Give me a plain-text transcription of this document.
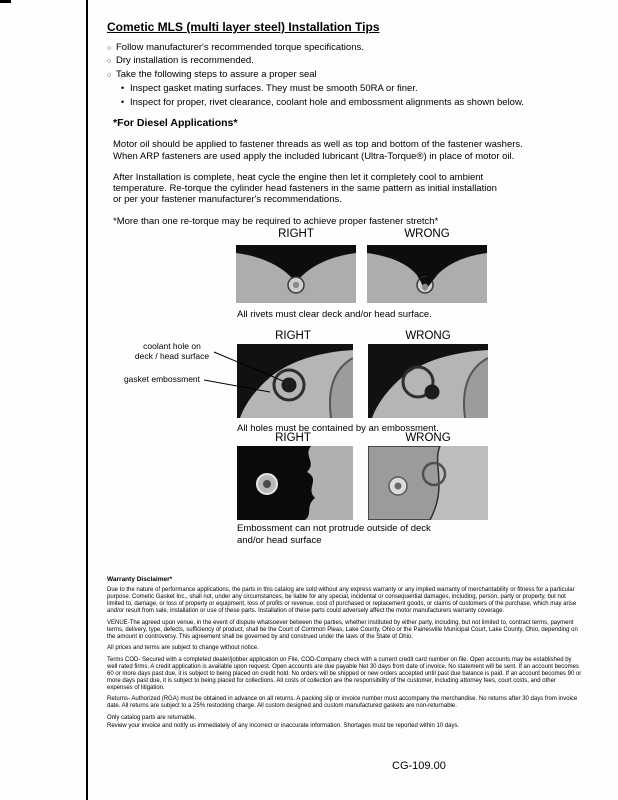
Cometic MLS (multi layer steel) Installation Tips
○ Follow manufacturer's recommended torque specifications.
○ Dry installation is recommended.
○ Take the following steps to assure a proper seal
• Inspect gasket mating surfaces. They must be smooth 50RA or finer.
• Inspect for proper, rivet clearance, coolant hole and embossment alignments as shown below.
*For Diesel Applications*
Motor oil should be applied to fastener threads as well as top and bottom of the fastener washers.
When ARP fasteners are used apply the included lubricant (Ultra-Torque®) in place of motor oil.
After Installation is complete, heat cycle the engine then let it completely cool to ambient
temperature. Re-torque the cylinder head fasteners in the same pattern as initial installation
or per your fastener manufacturer's recommendations.
*More than one re-torque may be required to achieve proper fastener stretch*
RIGHT	WRONG
All rivets must clear deck and/or head surface.
RIGHT	WRONG
coolant hole on
deck / head surface
gasket embossment
All holes must be contained by an embossment.
RIGHT	WRONG
Embossment can not protrude outside of deck
and/or head surface
Warranty Disclaimer*
Due to the nature of performance applications, the parts in this catalog are sold without any express warranty or any implied warranty of merchantability or fitness for a particular purpose. Cometic Gasket Inc., shall not, under any circumstances, be liable for any special, incidental or consequential damages, including, person, party or property, but not limited to, damage, or loss of property or equipment, loss of profits or revenue, cost of purchased or replacement goods, or claims of customers of the purchase, which may arise and/or result from sale, installation or use of these parts. Installation of these parts could adversely affect the motor manufacturers warranty coverage.
VENUE-The agreed upon venue, in the event of dispute whatsoever between the parties, whether instituted by either party, including, but not limited to, contract terms, payment terms, delivery, type, defects, sufficiency of product, shall be the Court of Common Pleas, Lake County, Ohio or the Painesville Municipal Court, Lake County, Ohio, depending on the amount in controversy. This agreement shall be governed by and construed under the laws of the State of Ohio.
All prices and terms are subject to change without notice.
Terms COD- Secured with a completed dealer/jobber application on File, COD-Company check with a current credit card number on file. Open accounts may be established by well rated firms. A credit application is available upon request. Open accounts are due payable Net 30 days from date of invoice. No statement will be sent. If an account becomes 60 or more days past due, it is subject to being placed on credit hold. No orders will be shipped or new orders accepted until past due balance is paid. If an account becomes 90 or more days past due, it is subject to being placed for collections. All costs of collection are the responsibility of the customer, including attorney fees, court costs, and other expenses of litigation.
Returns- Authorized (RGA) must be obtained in advance on all returns. A packing slip or invoice number must accompany the merchandise. No returns after 30 days from invoice date. All returns are subject to a 25% restocking charge. All custom designed and custom manufactured gaskets are non-returnable.
Only catalog parts are returnable.
Review your invoice and notify us immediately of any incorrect or inaccurate information. Shortages must be reported within 10 days.
CG-109.00
